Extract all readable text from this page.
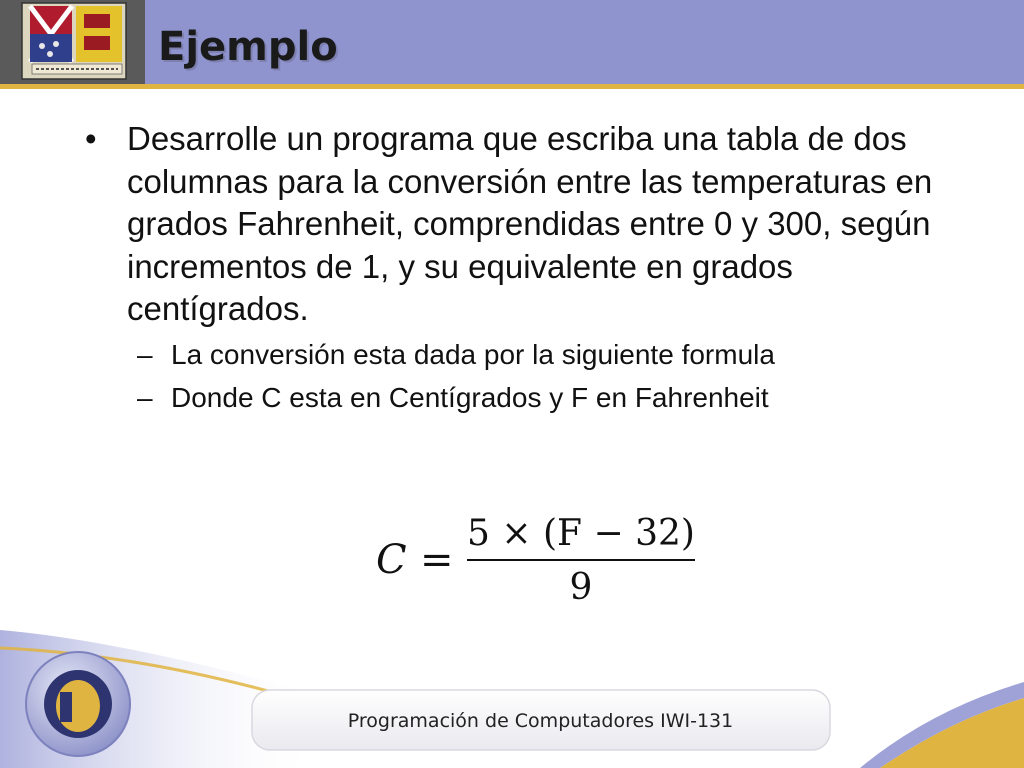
Ejemplo
• Desarrolle un programa que escriba una tabla de dos columnas para la conversión entre las temperaturas en grados Fahrenheit, comprendidas entre 0 y 300, según incrementos de 1, y su equivalente en grados centígrados.
– La conversión esta dada por la siguiente formula
– Donde C esta en Centígrados y F en Fahrenheit
C =
5 × (F − 32)
9
Programación de Computadores IWI-131
